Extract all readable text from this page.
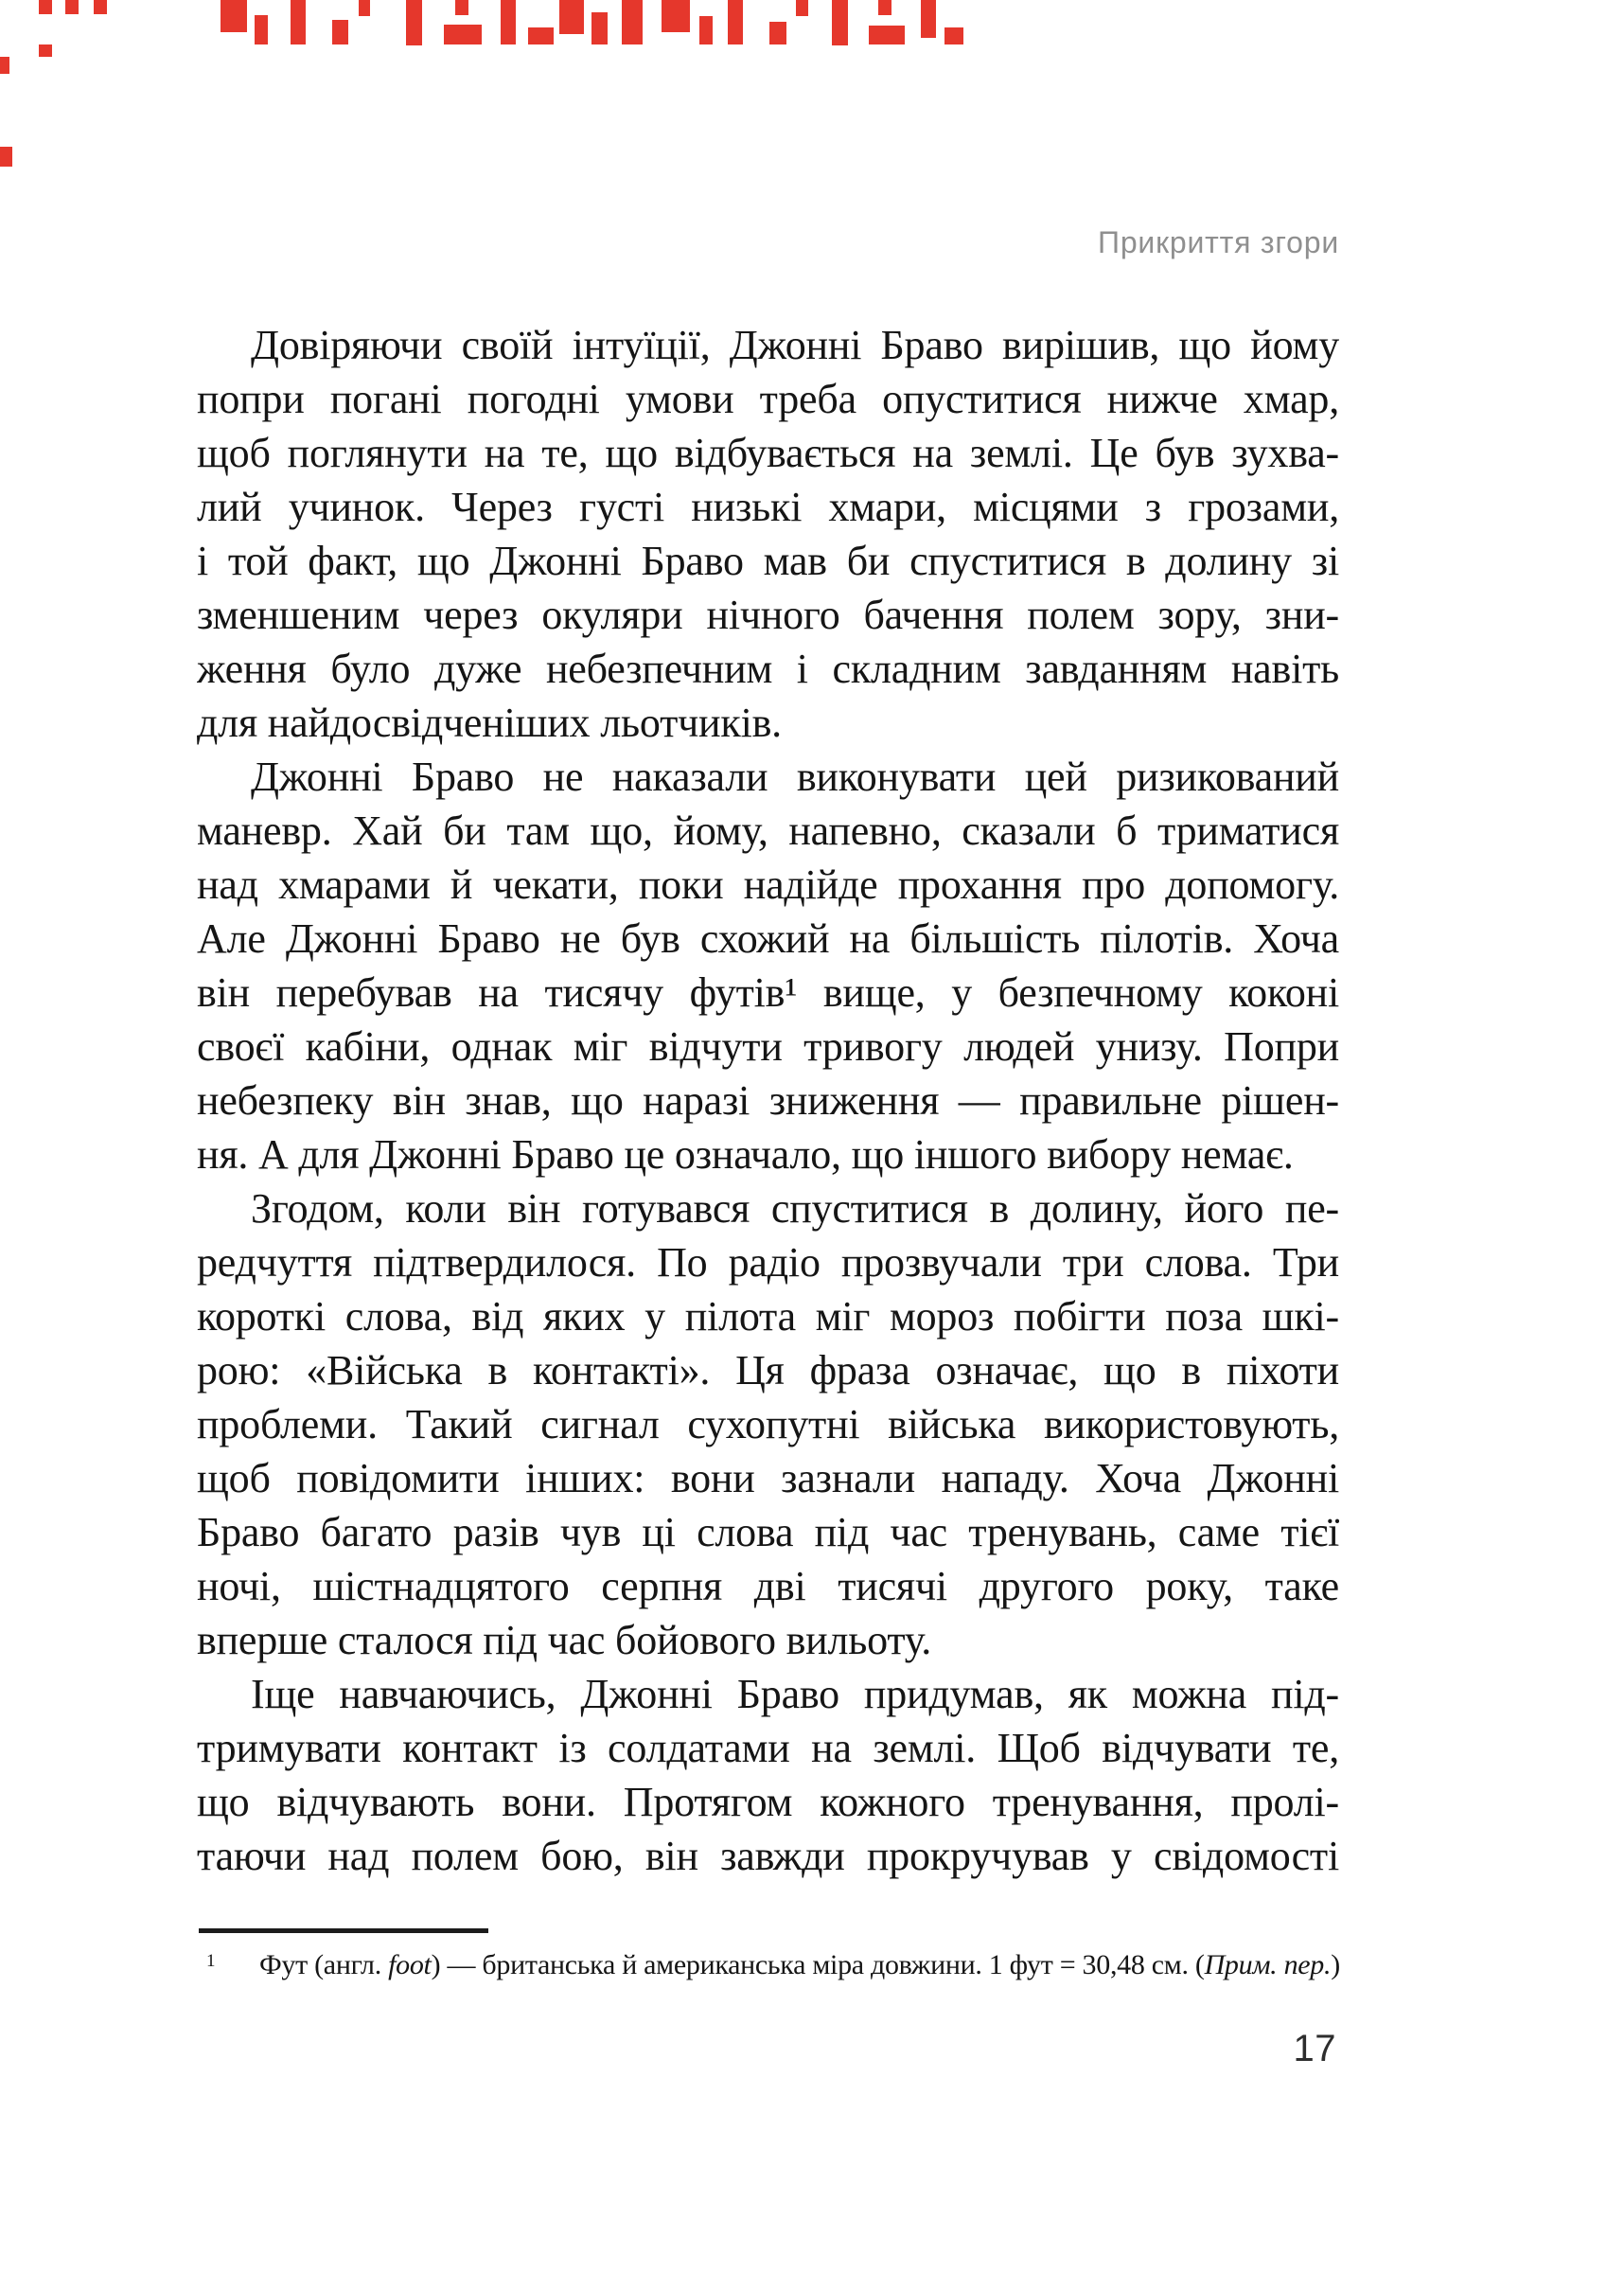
Прикриття згори
Довіряючи своїй інтуїції, Джонні Браво вирішив, що йому
попри погані погодні умови треба опуститися нижче хмар,
щоб поглянути на те, що відбувається на землі. Це був зухва-
лий учинок. Через густі низькі хмари, місцями з грозами,
і той факт, що Джонні Браво мав би спуститися в долину зі
зменшеним через окуляри нічного бачення полем зору, зни-
ження було дуже небезпечним і складним завданням навіть
для найдосвідченіших льотчиків.
Джонні Браво не наказали виконувати цей ризикований
маневр. Хай би там що, йому, напевно, сказали б триматися
над хмарами й чекати, поки надійде прохання про допомогу.
Але Джонні Браво не був схожий на більшість пілотів. Хоча
він перебував на тисячу футів¹ вище, у безпечному коконі
своєї кабіни, однак міг відчути тривогу людей унизу. Попри
небезпеку він знав, що наразі зниження — правильне рішен-
ня. А для Джонні Браво це означало, що іншого вибору немає.
Згодом, коли він готувався спуститися в долину, його пе-
редчуття підтвердилося. По радіо прозвучали три слова. Три
короткі слова, від яких у пілота міг мороз побігти поза шкі-
рою: «Війська в контакті». Ця фраза означає, що в піхоти
проблеми. Такий сигнал сухопутні війська використовують,
щоб повідомити інших: вони зазнали нападу. Хоча Джонні
Браво багато разів чув ці слова під час тренувань, саме тієї
ночі, шістнадцятого серпня дві тисячі другого року, таке
вперше сталося під час бойового вильоту.
Іще навчаючись, Джонні Браво придумав, як можна під-
тримувати контакт із солдатами на землі. Щоб відчувати те,
що відчувають вони. Протягом кожного тренування, пролі-
таючи над полем бою, він завжди прокручував у свідомості
1 Фут (англ. foot) — британська й американська міра довжини. 1 фут = 30,48 см. (Прим. пер.)
17
